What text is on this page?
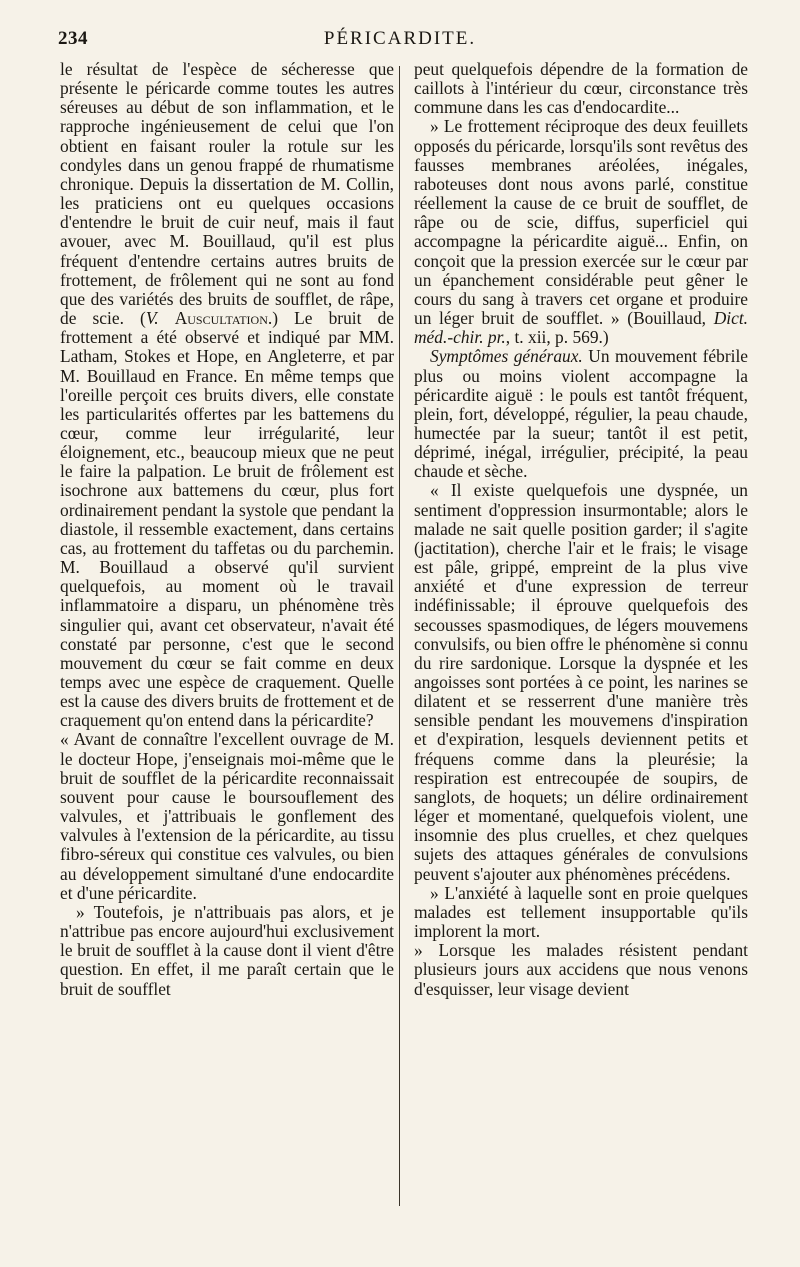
234	PÉRICARDITE.

le résultat de l'espèce de sécheresse que présente le péricarde comme toutes les autres séreuses au début de son inflammation, et le rapproche ingénieusement de celui que l'on obtient en faisant rouler la rotule sur les condyles dans un genou frappé de rhumatisme chronique. Depuis la dissertation de M. Collin, les praticiens ont eu quelques occasions d'entendre le bruit de cuir neuf, mais il faut avouer, avec M. Bouillaud, qu'il est plus fréquent d'entendre certains autres bruits de frottement, de frôlement qui ne sont au fond que des variétés des bruits de soufflet, de râpe, de scie. (V. Auscultation.) Le bruit de frottement a été observé et indiqué par MM. Latham, Stokes et Hope, en Angleterre, et par M. Bouillaud en France. En même temps que l'oreille perçoit ces bruits divers, elle constate les particularités offertes par les battemens du cœur, comme leur irrégularité, leur éloignement, etc., beaucoup mieux que ne peut le faire la palpation. Le bruit de frôlement est isochrone aux battemens du cœur, plus fort ordinairement pendant la systole que pendant la diastole, il ressemble exactement, dans certains cas, au frottement du taffetas ou du parchemin. M. Bouillaud a observé qu'il survient quelquefois, au moment où le travail inflammatoire a disparu, un phénomène très singulier qui, avant cet observateur, n'avait été constaté par personne, c'est que le second mouvement du cœur se fait comme en deux temps avec une espèce de craquement. Quelle est la cause des divers bruits de frottement et de craquement qu'on entend dans la péricardite?

« Avant de connaître l'excellent ouvrage de M. le docteur Hope, j'enseignais moi-même que le bruit de soufflet de la péricardite reconnaissait souvent pour cause le boursouflement des valvules, et j'attribuais le gonflement des valvules à l'extension de la péricardite, au tissu fibro-séreux qui constitue ces valvules, ou bien au développement simultané d'une endocardite et d'une péricardite.

» Toutefois, je n'attribuais pas alors, et je n'attribue pas encore aujourd'hui exclusivement le bruit de soufflet à la cause dont il vient d'être question. En effet, il me paraît certain que le bruit de soufflet

peut quelquefois dépendre de la formation de caillots à l'intérieur du cœur, circonstance très commune dans les cas d'endocardite...

» Le frottement réciproque des deux feuillets opposés du péricarde, lorsqu'ils sont revêtus des fausses membranes aréolées, inégales, raboteuses dont nous avons parlé, constitue réellement la cause de ce bruit de soufflet, de râpe ou de scie, diffus, superficiel qui accompagne la péricardite aiguë... Enfin, on conçoit que la pression exercée sur le cœur par un épanchement considérable peut gêner le cours du sang à travers cet organe et produire un léger bruit de soufflet. » (Bouillaud, Dict. méd.-chir. pr., t. xii, p. 569.)

Symptômes généraux. Un mouvement fébrile plus ou moins violent accompagne la péricardite aiguë : le pouls est tantôt fréquent, plein, fort, développé, régulier, la peau chaude, humectée par la sueur; tantôt il est petit, déprimé, inégal, irrégulier, précipité, la peau chaude et sèche.

« Il existe quelquefois une dyspnée, un sentiment d'oppression insurmontable; alors le malade ne sait quelle position garder; il s'agite (jactitation), cherche l'air et le frais; le visage est pâle, grippé, empreint de la plus vive anxiété et d'une expression de terreur indéfinissable; il éprouve quelquefois des secousses spasmodiques, de légers mouvemens convulsifs, ou bien offre le phénomène si connu du rire sardonique. Lorsque la dyspnée et les angoisses sont portées à ce point, les narines se dilatent et se resserrent d'une manière très sensible pendant les mouvemens d'inspiration et d'expiration, lesquels deviennent petits et fréquens comme dans la pleurésie; la respiration est entrecoupée de soupirs, de sanglots, de hoquets; un délire ordinairement léger et momentané, quelquefois violent, une insomnie des plus cruelles, et chez quelques sujets des attaques générales de convulsions peuvent s'ajouter aux phénomènes précédens.

» L'anxiété à laquelle sont en proie quelques malades est tellement insupportable qu'ils implorent la mort.

» Lorsque les malades résistent pendant plusieurs jours aux accidens que nous venons d'esquisser, leur visage devient
